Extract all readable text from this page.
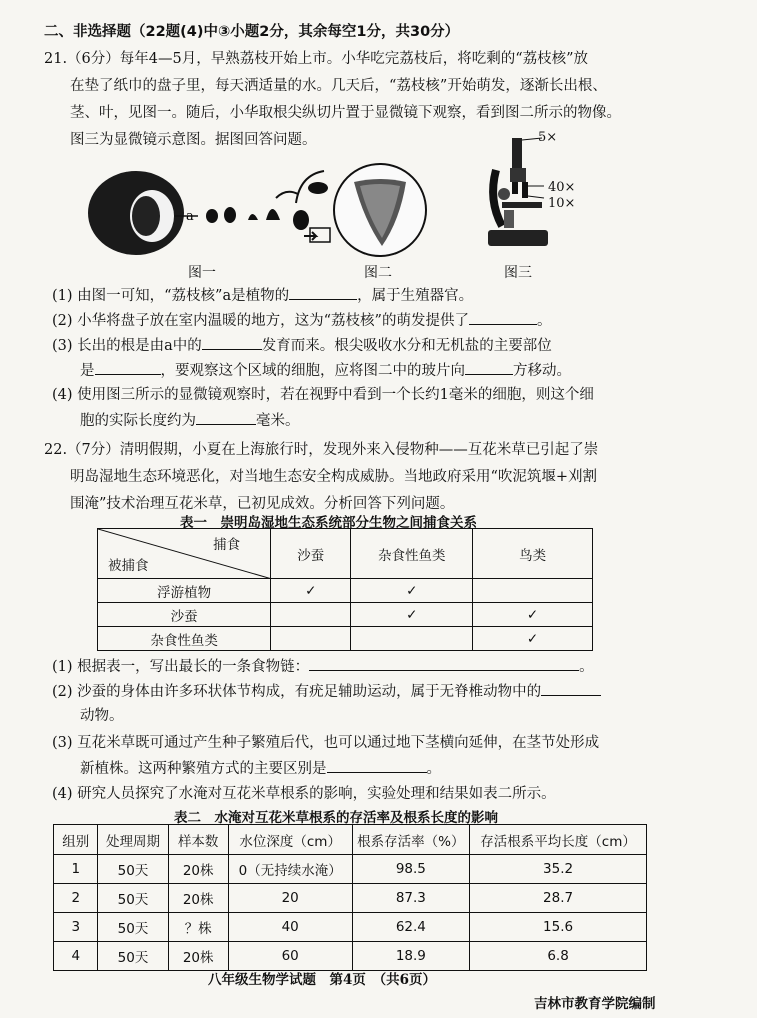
二、非选择题（22题(4)中③小题2分，其余每空1分，共30分）
21.（6分）每年4—5月，早熟荔枝开始上市。小华吃完荔枝后，将吃剩的“荔枝核”放
在垫了纸巾的盘子里，每天洒适量的水。几天后，“荔枝核”开始萌发，逐渐长出根、
茎、叶，见图一。随后，小华取根尖纵切片置于显微镜下观察，看到图二所示的物像。
图三为显微镜示意图。据图回答问题。
a
图一	图二
5×
40×
10×
图三
(1) 由图一可知，“荔枝核”a是植物的	，属于生殖器官。
(2) 小华将盘子放在室内温暖的地方，这为“荔枝核”的萌发提供了	。
(3) 长出的根是由a中的	发育而来。根尖吸收水分和无机盐的主要部位
是	，要观察这个区域的细胞，应将图二中的玻片向	方移动。
(4) 使用图三所示的显微镜观察时，若在视野中看到一个长约1毫米的细胞，则这个细
胞的实际长度约为	毫米。
22.（7分）清明假期，小夏在上海旅行时，发现外来入侵物种——互花米草已引起了崇
明岛湿地生态环境恶化，对当地生态安全构成威胁。当地政府采用“吹泥筑堰+刈割
围淹”技术治理互花米草，已初见成效。分析回答下列问题。
表一　崇明岛湿地生态系统部分生物之间捕食关系
捕食
被捕食	沙蚕	杂食性鱼类	鸟类
浮游植物	✓	✓	
沙蚕		✓	✓
杂食性鱼类			✓
(1) 根据表一，写出最长的一条食物链：	。
(2) 沙蚕的身体由许多环状体节构成，有疣足辅助运动，属于无脊椎动物中的
动物。
(3) 互花米草既可通过产生种子繁殖后代，也可以通过地下茎横向延伸，在茎节处形成
新植株。这两种繁殖方式的主要区别是	。
(4) 研究人员探究了水淹对互花米草根系的影响，实验处理和结果如表二所示。
表二　水淹对互花米草根系的存活率及根系长度的影响
组别	处理周期	样本数	水位深度（cm）	根系存活率（%）	存活根系平均长度（cm）
1	50天	20株	0（无持续水淹）	98.5	35.2
2	50天	20株	20	87.3	28.7
3	50天	？株	40	62.4	15.6
4	50天	20株	60	18.9	6.8
八年级生物学试题　第4页　（共6页）
吉林市教育学院编制
